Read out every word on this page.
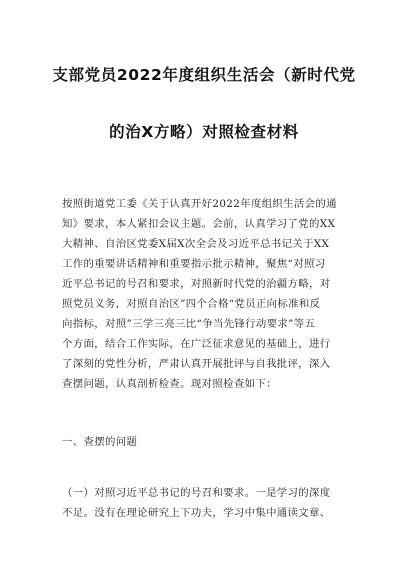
支部党员2022年度组织生活会（新时代党
的治X方略）对照检查材料
按照街道党工委《关于认真开好2022年度组织生活会的通
知》要求，本人紧扣会议主题。会前，认真学习了党的XX
大精神、自治区党委X届X次全会及习近平总书记关于XX
工作的重要讲话精神和重要指示批示精神，聚焦“对照习
近平总书记的号召和要求，对照新时代党的治疆方略，对
照党员义务，对照自治区”四个合格“党员正向标准和反
向指标，对照”三学三亮三比“争当先锋行动要求”等五
个方面，结合工作实际，在广泛征求意见的基础上，进行
了深刻的党性分析，严肃认真开展批评与自我批评，深入
查摆问题，认真剖析检查。现对照检查如下：
一、查摆的问题
（一）对照习近平总书记的号召和要求。一是学习的深度
不足。没有在理论研究上下功夫，学习中集中通读文章、
